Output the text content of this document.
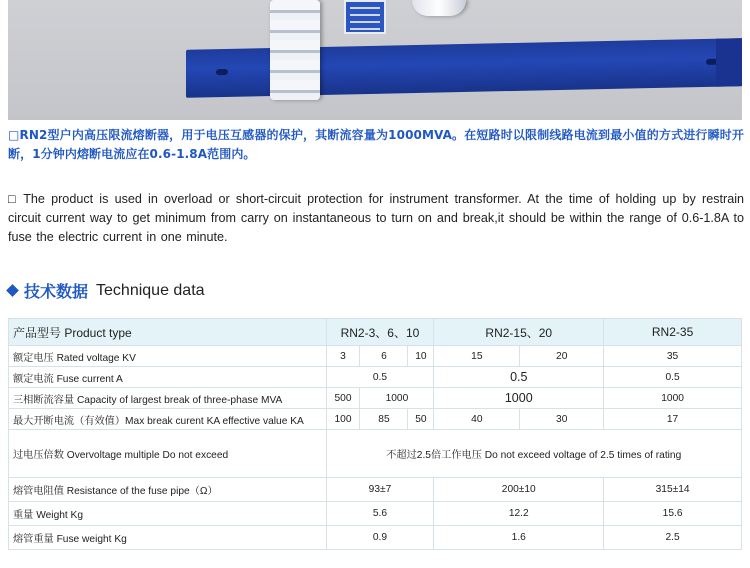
□RN2型户内高压限流熔断器，用于电压互感器的保护，其断流容量为1000MVA。在短路时以限制线路电流到最小值的方式进行瞬时开断，1分钟内熔断电流应在0.6-1.8A范围内。

□ The product is used in overload or short-circuit protection for instrument transformer. At the time of holding up by restrain circuit current way to get minimum from carry on instantaneous to turn on and break,it should be within the range of 0.6-1.8A to fuse the electric current in one minute.

技术数据 Technique data
产品型号 Product type	RN2-3、6、10			RN2-15、20		RN2-35
额定电压 Rated voltage KV	3	6	10	15	20	35
额定电流 Fuse current A	0.5			0.5		0.5
三相断流容量 Capacity of largest break of three-phase MVA	500	1000		1000		1000
最大开断电流（有效值）Max break curent KA effective value KA	100	85	50	40	30	17
过电压倍数 Overvoltage multiple Do not exceed	不超过2.5倍工作电压 Do not exceed voltage of 2.5 times of rating					
熔管电阻值 Resistance of the fuse pipe（Ω）	93±7			200±10		315±14
重量 Weight Kg	5.6			12.2		15.6
熔管重量 Fuse weight Kg	0.9			1.6		2.5
